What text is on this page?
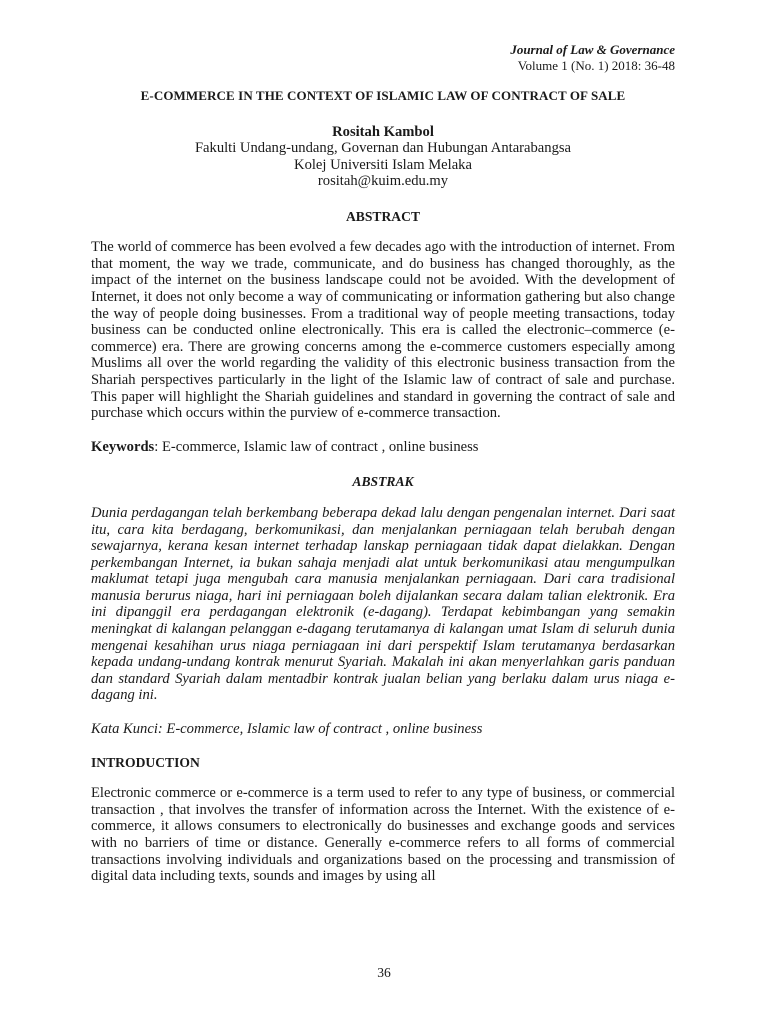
Journal of Law & Governance
Volume 1 (No. 1) 2018: 36-48
E-COMMERCE IN THE CONTEXT OF ISLAMIC LAW OF CONTRACT OF SALE
Rositah Kambol
Fakulti Undang-undang, Governan dan Hubungan Antarabangsa
Kolej Universiti Islam Melaka
rositah@kuim.edu.my
ABSTRACT
The world of commerce has been evolved a few decades ago with the introduction of internet. From that moment, the way we trade, communicate, and do business has changed thoroughly, as the impact of the internet on the business landscape could not be avoided. With the development of Internet, it does not only become a way of communicating or information gathering but also change the way of people doing businesses. From a traditional way of people meeting transactions, today business can be conducted online electronically. This era is called the electronic–commerce (e-commerce) era. There are growing concerns among the e-commerce customers especially among Muslims all over the world regarding the validity of this electronic business transaction from the Shariah perspectives particularly in the light of the Islamic law of contract of sale and purchase. This paper will highlight the Shariah guidelines and standard in governing the contract of sale and purchase which occurs within the purview of e-commerce transaction.
Keywords: E-commerce, Islamic law of contract , online business
ABSTRAK
Dunia perdagangan telah berkembang beberapa dekad lalu dengan pengenalan internet. Dari saat itu, cara kita berdagang, berkomunikasi, dan menjalankan perniagaan telah berubah dengan sewajarnya, kerana kesan internet terhadap lanskap perniagaan tidak dapat dielakkan. Dengan perkembangan Internet, ia bukan sahaja menjadi alat untuk berkomunikasi atau mengumpulkan maklumat tetapi juga mengubah cara manusia menjalankan perniagaan. Dari cara tradisional manusia berurus niaga, hari ini perniagaan boleh dijalankan secara dalam talian elektronik. Era ini dipanggil era perdagangan elektronik (e-dagang). Terdapat kebimbangan yang semakin meningkat di kalangan pelanggan e-dagang terutamanya di kalangan umat Islam di seluruh dunia mengenai kesahihan urus niaga perniagaan ini dari perspektif Islam terutamanya berdasarkan kepada undang-undang kontrak menurut Syariah. Makalah ini akan menyerlahkan garis panduan dan standard Syariah dalam mentadbir kontrak jualan belian yang berlaku dalam urus niaga e-dagang ini.
Kata Kunci: E-commerce, Islamic law of contract , online business
INTRODUCTION
Electronic commerce or e-commerce is a term used to refer to any type of business, or commercial transaction , that involves the transfer of information across the Internet. With the existence of e-commerce, it allows consumers to electronically do businesses and exchange goods and services with no barriers of time or distance. Generally e-commerce refers to all forms of commercial transactions involving individuals and organizations based on the processing and transmission of digital data including texts, sounds and images by using all
36
